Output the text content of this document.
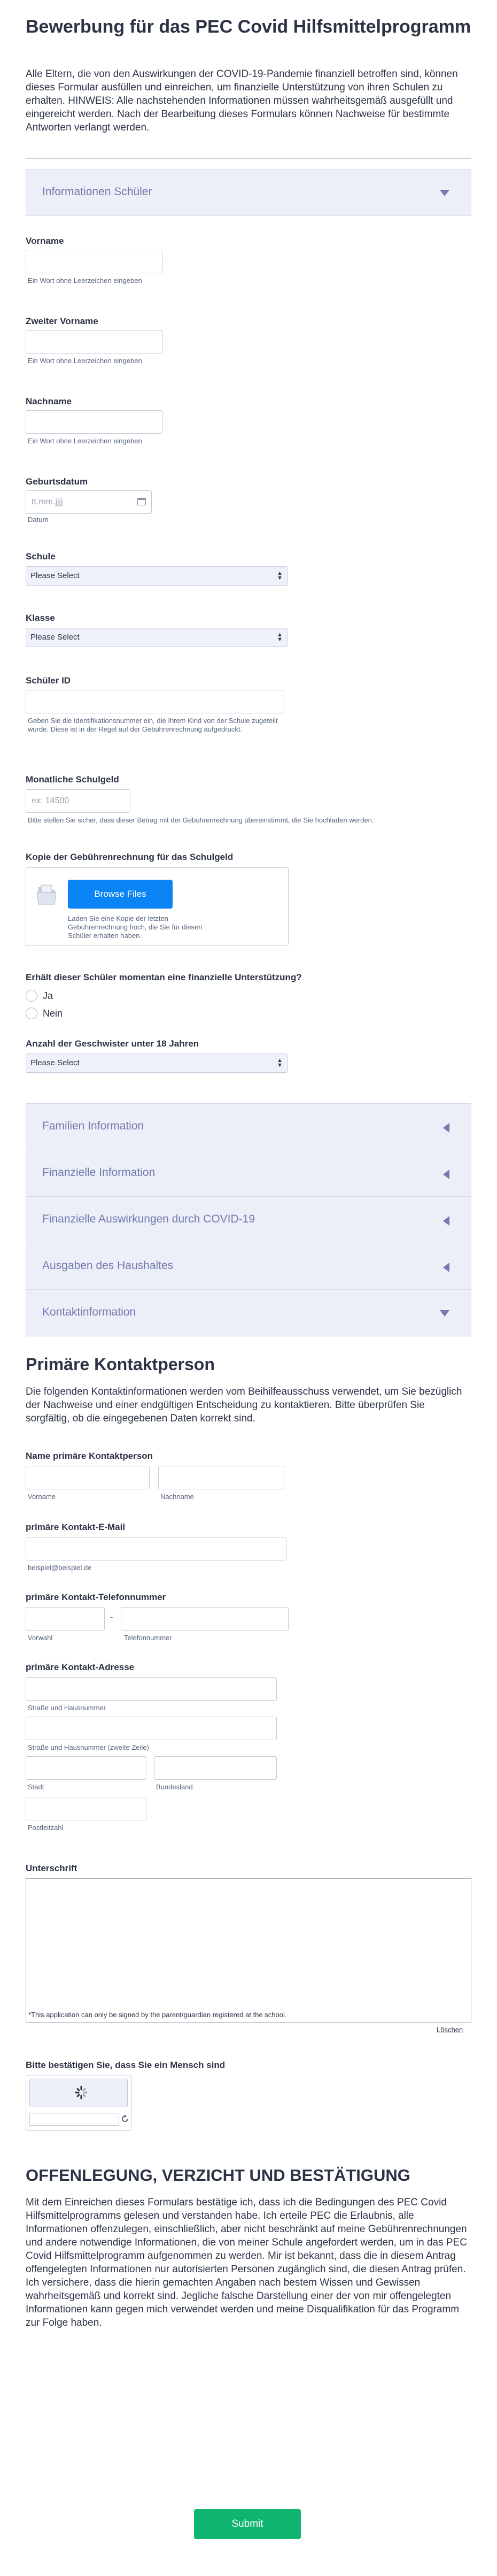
Bewerbung für das PEC Covid Hilfsmittelprogramm
Alle Eltern, die von den Auswirkungen der COVID-19-Pandemie finanziell betroffen sind, können dieses Formular ausfüllen und einreichen, um finanzielle Unterstützung von ihren Schulen zu erhalten. HINWEIS: Alle nachstehenden Informationen müssen wahrheitsgemäß ausgefüllt und eingereicht werden. Nach der Bearbeitung dieses Formulars können Nachweise für bestimmte Antworten verlangt werden.
Informationen Schüler
Vorname
Ein Wort ohne Leerzeichen eingeben
Zweiter Vorname
Ein Wort ohne Leerzeichen eingeben
Nachname
Ein Wort ohne Leerzeichen eingeben
Geburtsdatum
tt.mm.jjjj
Datum
Schule
Please Select	▲
▼
Klasse
Please Select	▲
▼
Schüler ID
Geben Sie die Identifikationsnummer ein, die Ihrem Kind von der Schule zugeteilt wurde. Diese ist in der Regel auf der Gebührenrechnung aufgedruckt.
Monatliche Schulgeld
ex: 14500
Bitte stellen Sie sicher, dass dieser Betrag mit der Gebührenrechnung übereinstimmt, die Sie hochladen werden.
Kopie der Gebührenrechnung für das Schulgeld
Browse Files
Laden Sie eine Kopie der letzten Gebührenrechnung hoch, die Sie für diesen Schüler erhalten haben.
Erhält dieser Schüler momentan eine finanzielle Unterstützung?
Ja
Nein
Anzahl der Geschwister unter 18 Jahren
Please Select	▲
▼
Familien Information
Finanzielle Information
Finanzielle Auswirkungen durch COVID-19
Ausgaben des Haushaltes
Kontaktinformation
Primäre Kontaktperson
Die folgenden Kontaktinformationen werden vom Beihilfeausschuss verwendet, um Sie bezüglich der Nachweise und einer endgültigen Entscheidung zu kontaktieren. Bitte überprüfen Sie sorgfältig, ob die eingegebenen Daten korrekt sind.
Name primäre Kontaktperson
Vorname	Nachname
primäre Kontakt-E-Mail
beispiel@beispiel.de
primäre Kontakt-Telefonnummer
-
Vorwahl	Telefonnummer
primäre Kontakt-Adresse
Straße und Hausnummer
Straße und Hausnummer (zweite Zeile)
Stadt	Bundesland
Postleitzahl
Unterschrift
*This application can only be signed by the parent/guardian registered at the school.
Löschen
Bitte bestätigen Sie, dass Sie ein Mensch sind
OFFENLEGUNG, VERZICHT UND BESTÄTIGUNG
Mit dem Einreichen dieses Formulars bestätige ich, dass ich die Bedingungen des PEC Covid Hilfsmittelprogramms gelesen und verstanden habe. Ich erteile PEC die Erlaubnis, alle Informationen offenzulegen, einschließlich, aber nicht beschränkt auf meine Gebührenrechnungen und andere notwendige Informationen, die von meiner Schule angefordert werden, um in das PEC Covid Hilfsmittelprogramm aufgenommen zu werden. Mir ist bekannt, dass die in diesem Antrag offengelegten Informationen nur autorisierten Personen zugänglich sind, die diesen Antrag prüfen. Ich versichere, dass die hierin gemachten Angaben nach bestem Wissen und Gewissen wahrheitsgemäß und korrekt sind. Jegliche falsche Darstellung einer der von mir offengelegten Informationen kann gegen mich verwendet werden und meine Disqualifikation für das Programm zur Folge haben.
Submit
